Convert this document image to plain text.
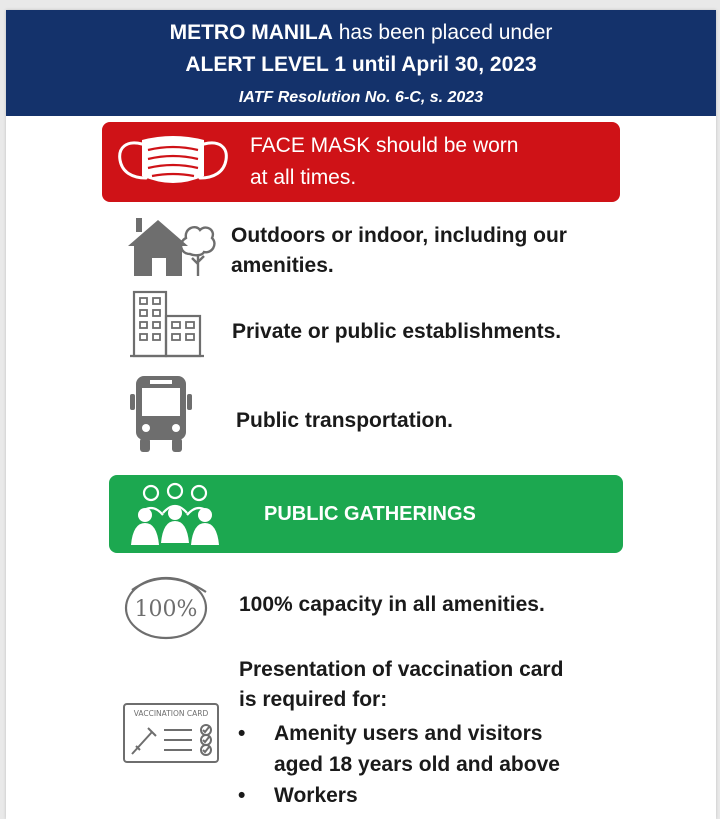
METRO MANILA has been placed under
ALERT LEVEL 1 until April 30, 2023
IATF Resolution No. 6-C, s. 2023
FACE MASK should be worn
at all times.
Outdoors or indoor, including our
amenities.
Private or public establishments.
Public transportation.
PUBLIC GATHERINGS
100% 100% capacity in all amenities.
VACCINATION CARD
Presentation of vaccination card
is required for:
• Amenity users and visitors
aged 18 years old and above
• Workers
